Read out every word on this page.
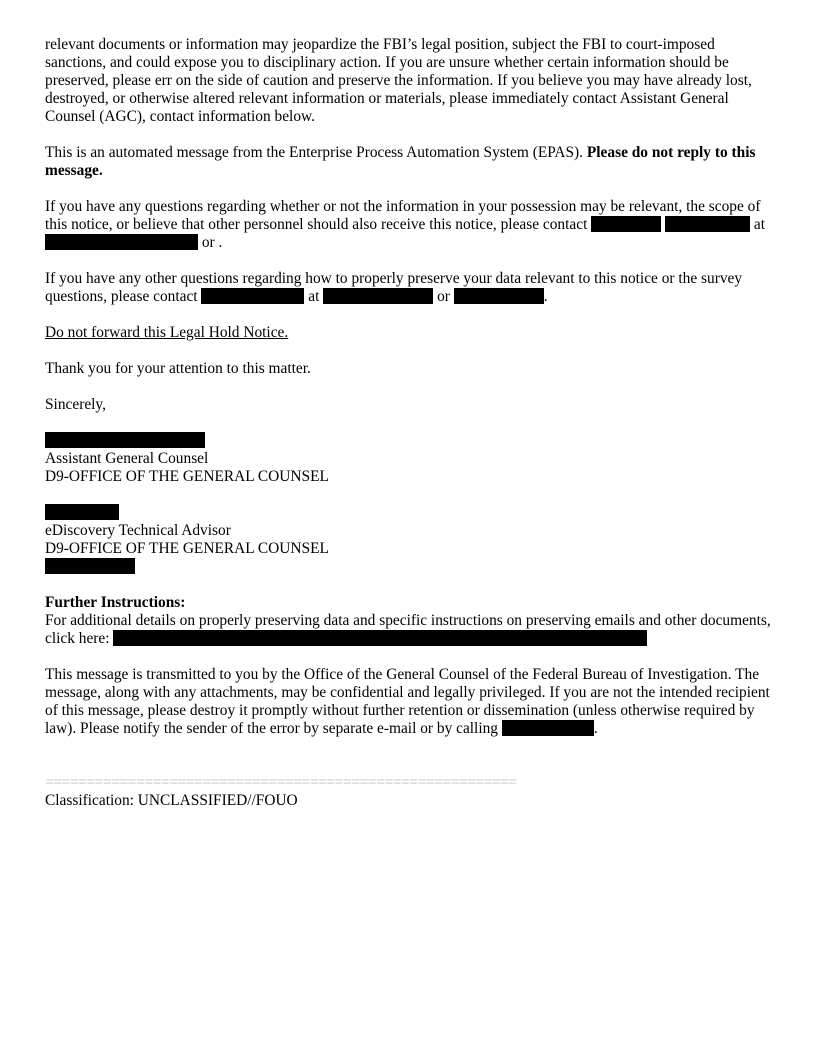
relevant documents or information may jeopardize the FBI’s legal position, subject the FBI to court-imposed sanctions, and could expose you to disciplinary action. If you are unsure whether certain information should be preserved, please err on the side of caution and preserve the information. If you believe you may have already lost, destroyed, or otherwise altered relevant information or materials, please immediately contact Assistant General Counsel (AGC), contact information below.

This is an automated message from the Enterprise Process Automation System (EPAS). Please do not reply to this message.

If you have any questions regarding whether or not the information in your possession may be relevant, the scope of this notice, or believe that other personnel should also receive this notice, please contact	at  or .

If you have any other questions regarding how to properly preserve your data relevant to this notice or the survey questions, please contact	at	or	.

Do not forward this Legal Hold Notice.

Thank you for your attention to this matter.

Sincerely,

Assistant General Counsel
D9-OFFICE OF THE GENERAL COUNSEL

eDiscovery Technical Advisor
D9-OFFICE OF THE GENERAL COUNSEL

Further Instructions:
For additional details on properly preserving data and specific instructions on preserving emails and other documents, click here:

This message is transmitted to you by the Office of the General Counsel of the Federal Bureau of Investigation. The message, along with any attachments, may be confidential and legally privileged. If you are not the intended recipient of this message, please destroy it promptly without further retention or dissemination (unless otherwise required by law). Please notify the sender of the error by separate e-mail or by calling	.

=========================================================
Classification: UNCLASSIFIED//FOUO
